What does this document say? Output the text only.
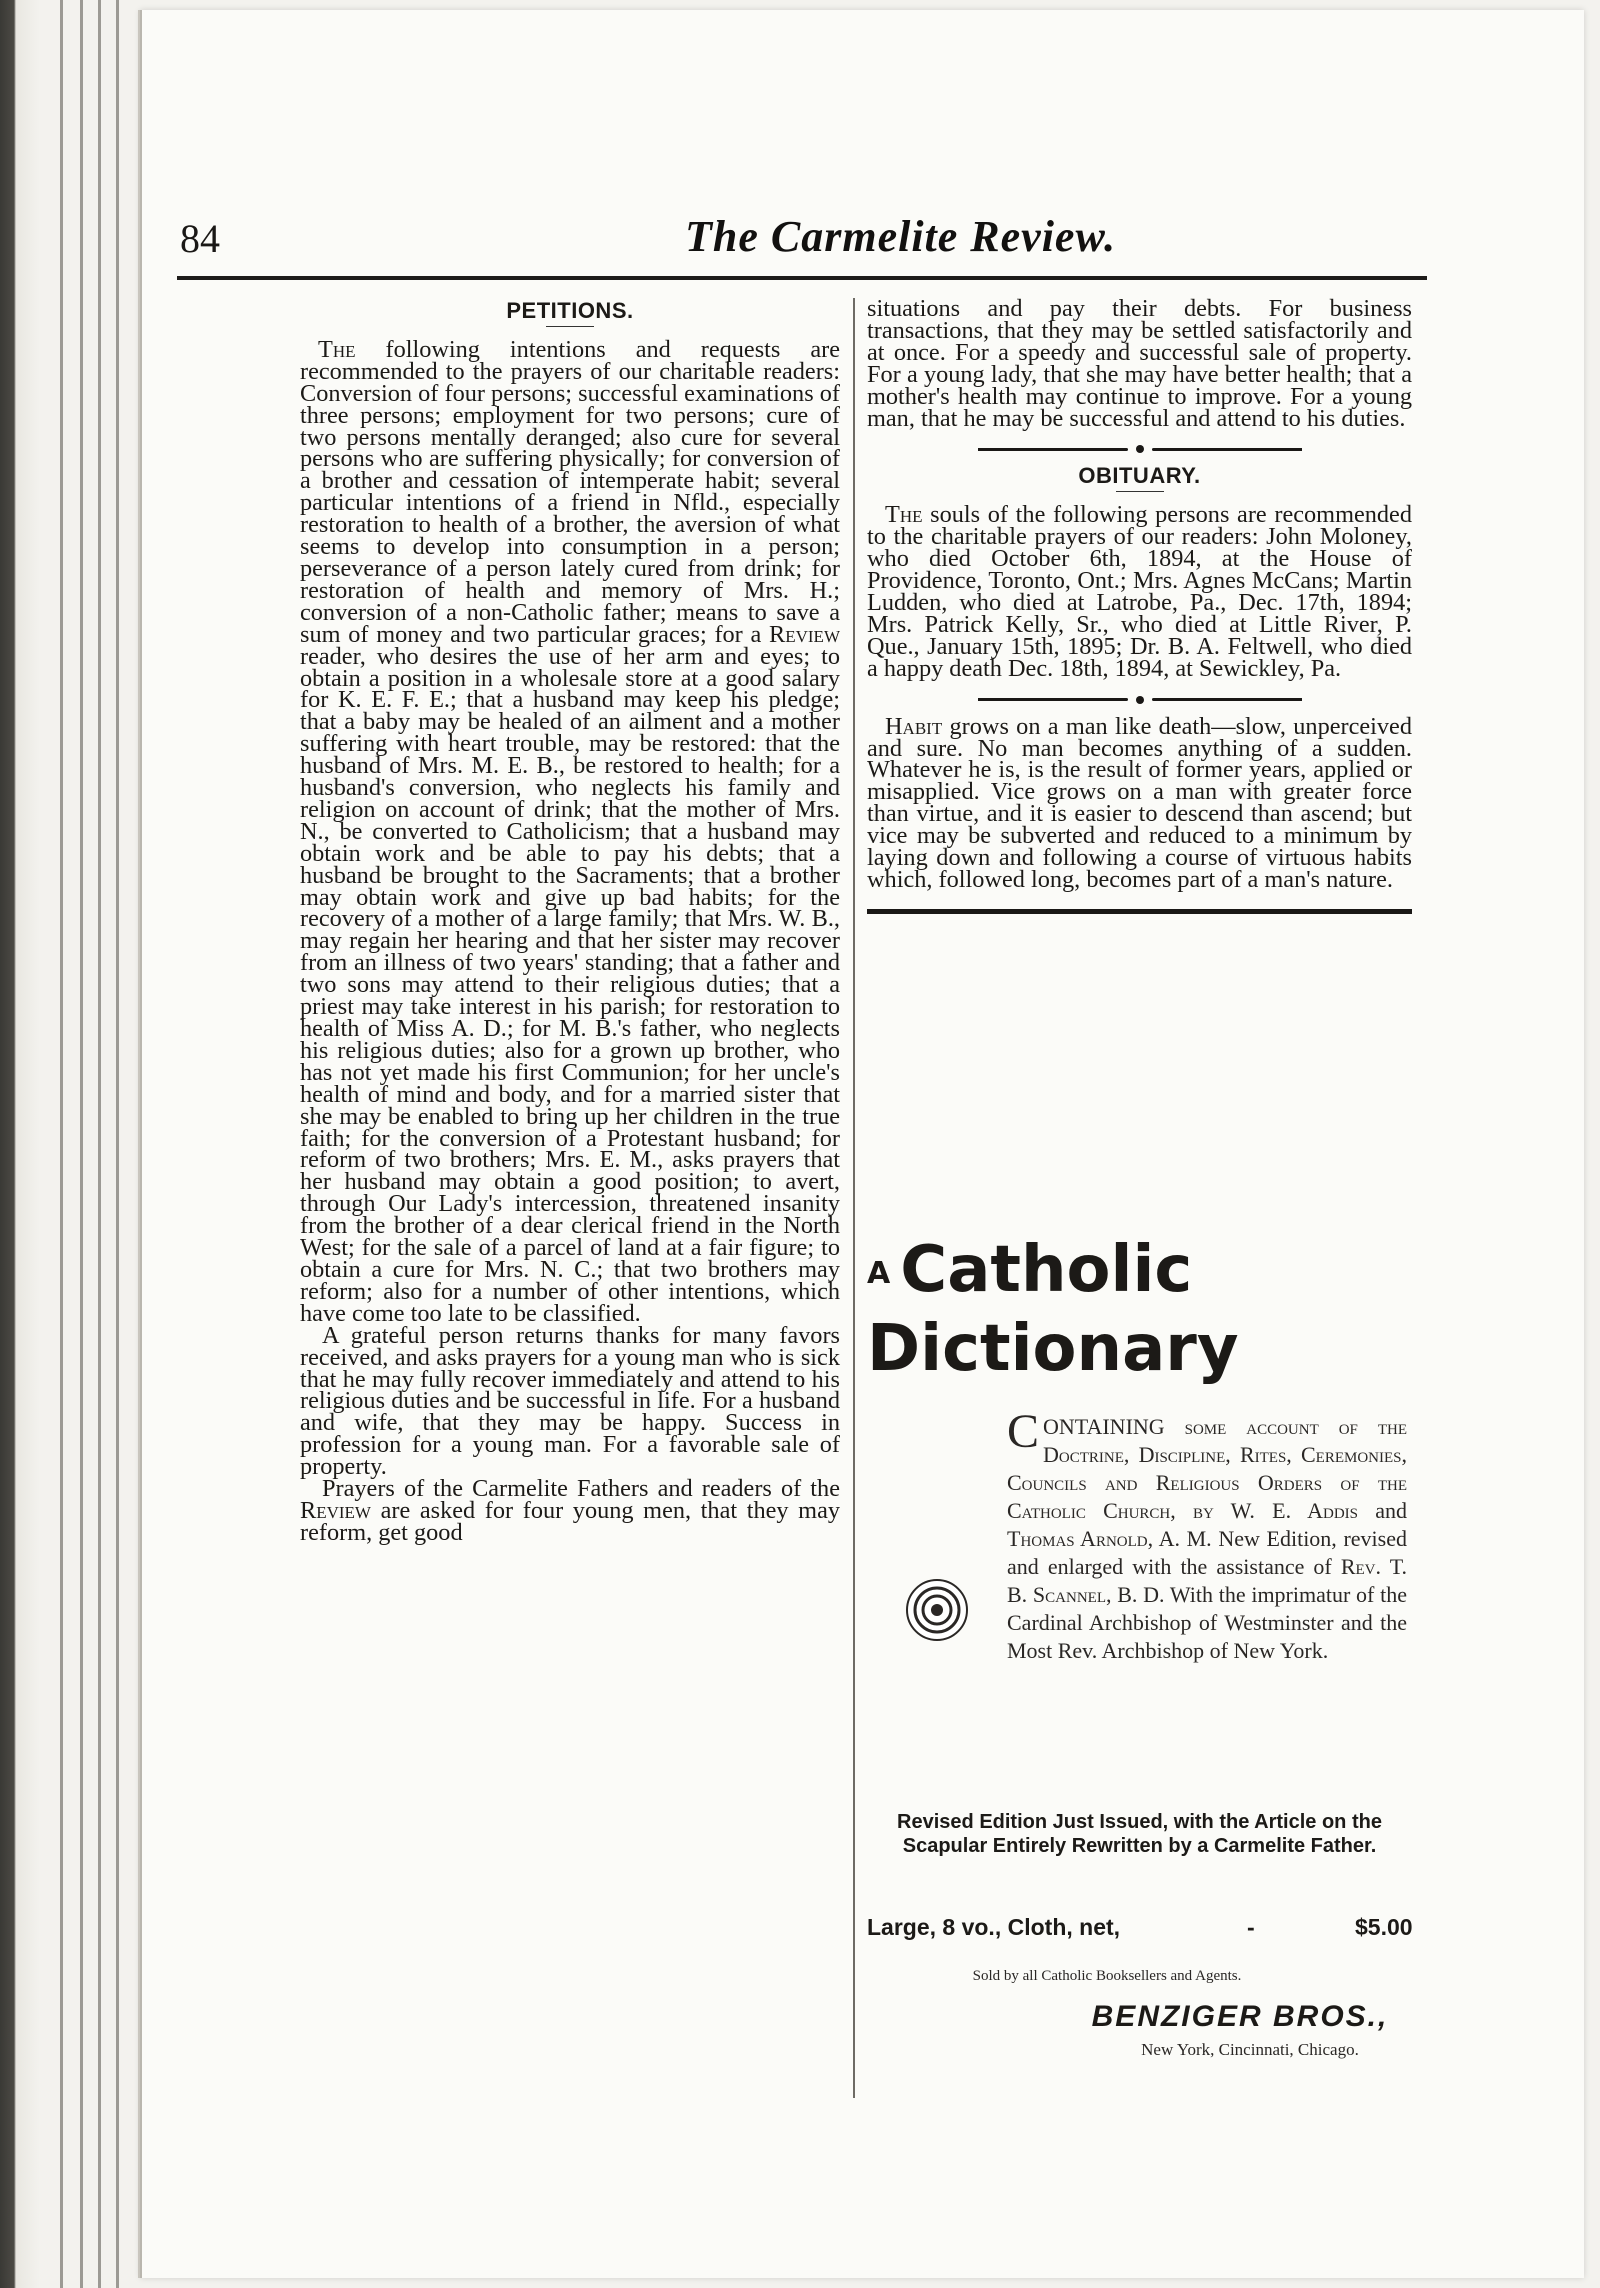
84	The Carmelite Review.
PETITIONS.

The following intentions and requests are recommended to the prayers of our charitable readers: Conversion of four persons; successful examinations of three persons; employment for two persons; cure of two persons mentally deranged; also cure for several persons who are suffering physically; for conversion of a brother and cessation of intemperate habit; several particular intentions of a friend in Nfld., especially restoration to health of a brother, the aversion of what seems to develop into consumption in a person; perseverance of a person lately cured from drink; for restoration of health and memory of Mrs. H.; conversion of a non-Catholic father; means to save a sum of money and two particular graces; for a Review reader, who desires the use of her arm and eyes; to obtain a position in a wholesale store at a good salary for K. E. F. E.; that a husband may keep his pledge; that a baby may be healed of an ailment and a mother suffering with heart trouble, may be restored: that the husband of Mrs. M. E. B., be restored to health; for a husband's conversion, who neglects his family and religion on account of drink; that the mother of Mrs. N., be converted to Catholicism; that a husband may obtain work and be able to pay his debts; that a husband be brought to the Sacraments; that a brother may obtain work and give up bad habits; for the recovery of a mother of a large family; that Mrs. W. B., may regain her hearing and that her sister may recover from an illness of two years' standing; that a father and two sons may attend to their religious duties; that a priest may take interest in his parish; for restoration to health of Miss A. D.; for M. B.'s father, who neglects his religious duties; also for a grown up brother, who has not yet made his first Communion; for her uncle's health of mind and body, and for a married sister that she may be enabled to bring up her children in the true faith; for the conversion of a Protestant husband; for reform of two brothers; Mrs. E. M., asks prayers that her husband may obtain a good position; to avert, through Our Lady's intercession, threatened insanity from the brother of a dear clerical friend in the North West; for the sale of a parcel of land at a fair figure; to obtain a cure for Mrs. N. C.; that two brothers may reform; also for a number of other intentions, which have come too late to be classified.

A grateful person returns thanks for many favors received, and asks prayers for a young man who is sick that he may fully recover immediately and attend to his religious duties and be successful in life. For a husband and wife, that they may be happy. Success in profession for a young man. For a favorable sale of property.

Prayers of the Carmelite Fathers and readers of the Review are asked for four young men, that they may reform, get good

situations and pay their debts. For business transactions, that they may be settled satisfactorily and at once. For a speedy and successful sale of property. For a young lady, that she may have better health; that a mother's health may continue to improve. For a young man, that he may be successful and attend to his duties.

OBITUARY.

The souls of the following persons are recommended to the charitable prayers of our readers: John Moloney, who died October 6th, 1894, at the House of Providence, Toronto, Ont.; Mrs. Agnes McCans; Martin Ludden, who died at Latrobe, Pa., Dec. 17th, 1894; Mrs. Patrick Kelly, Sr., who died at Little River, P. Que., January 15th, 1895; Dr. B. A. Feltwell, who died a happy death Dec. 18th, 1894, at Sewickley, Pa.

Habit grows on a man like death—slow, unperceived and sure. No man becomes anything of a sudden. Whatever he is, is the result of former years, applied or misapplied. Vice grows on a man with greater force than virtue, and it is easier to descend than ascend; but vice may be subverted and reduced to a minimum by laying down and following a course of virtuous habits which, followed long, becomes part of a man's nature.

A Catholic
Dictionary
CONTAINING some account of the Doctrine, Discipline, Rites, Ceremonies, Councils and Religious Orders of the Catholic Church, by W. E. Addis and Thomas Arnold, A. M. New Edition, revised and enlarged with the assistance of Rev. T. B. Scannel, B. D. With the imprimatur of the Cardinal Archbishop of Westminster and the Most Rev. Archbishop of New York.
Revised Edition Just Issued, with the Article on the Scapular Entirely Rewritten by a Carmelite Father.
Large, 8 vo., Cloth, net,	-	$5.00
Sold by all Catholic Booksellers and Agents.
BENZIGER BROS.,
New York, Cincinnati, Chicago.
